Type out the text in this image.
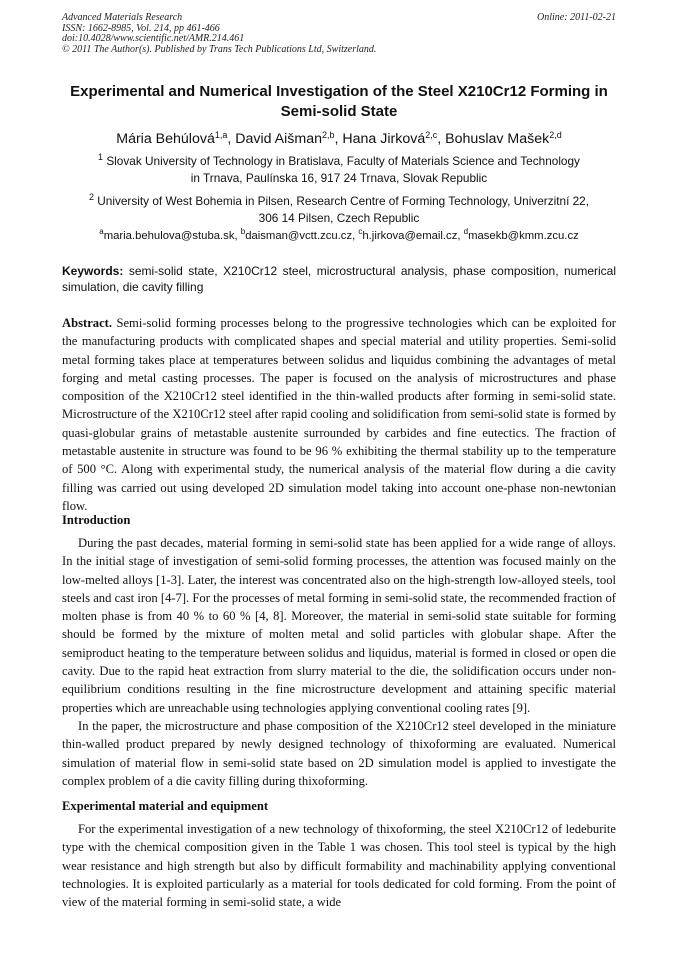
Advanced Materials Research
ISSN: 1662-8985, Vol. 214, pp 461-466
doi:10.4028/www.scientific.net/AMR.214.461
© 2011 The Author(s). Published by Trans Tech Publications Ltd, Switzerland.
Online: 2011-02-21
Experimental and Numerical Investigation of the Steel X210Cr12 Forming in Semi-solid State
Mária Behúlová$^{1,a}$, David Aišman$^{2,b}$, Hana Jirková$^{2,c}$, Bohuslav Mašek$^{2,d}$
$^1$ Slovak University of Technology in Bratislava, Faculty of Materials Science and Technology
in Trnava, Paulínska 16, 917 24 Trnava, Slovak Republic
$^2$ University of West Bohemia in Pilsen, Research Centre of Forming Technology, Univerzitní 22,
306 14 Pilsen, Czech Republic
$^a$maria.behulova@stuba.sk, $^b$daisman@vctt.zcu.cz, $^c$h.jirkova@email.cz, $^d$masekb@kmm.zcu.cz
Keywords: semi-solid state, X210Cr12 steel, microstructural analysis, phase composition, numerical simulation, die cavity filling

Abstract. Semi-solid forming processes belong to the progressive technologies which can be exploited for the manufacturing products with complicated shapes and special material and utility properties. Semi-solid metal forming takes place at temperatures between solidus and liquidus combining the advantages of metal forging and metal casting processes. The paper is focused on the analysis of microstructures and phase composition of the X210Cr12 steel identified in the thin-walled products after forming in semi-solid state. Microstructure of the X210Cr12 steel after rapid cooling and solidification from semi-solid state is formed by quasi-globular grains of metastable austenite surrounded by carbides and fine eutectics. The fraction of metastable austenite in structure was found to be 96 % exhibiting the thermal stability up to the temperature of 500 °C. Along with experimental study, the numerical analysis of the material flow during a die cavity filling was carried out using developed 2D simulation model taking into account one-phase non-newtonian flow.

Introduction

During the past decades, material forming in semi-solid state has been applied for a wide range of alloys. In the initial stage of investigation of semi-solid forming processes, the attention was focused mainly on the low-melted alloys [1-3]. Later, the interest was concentrated also on the high-strength low-alloyed steels, tool steels and cast iron [4-7]. For the processes of metal forming in semi-solid state, the recommended fraction of molten phase is from 40 % to 60 % [4, 8]. Moreover, the material in semi-solid state suitable for forming should be formed by the mixture of molten metal and solid particles with globular shape. After the semiproduct heating to the temperature between solidus and liquidus, material is formed in closed or open die cavity. Due to the rapid heat extraction from slurry material to the die, the solidification occurs under non-equilibrium conditions resulting in the fine microstructure development and attaining specific material properties which are unreachable using technologies applying conventional cooling rates [9].

In the paper, the microstructure and phase composition of the X210Cr12 steel developed in the miniature thin-walled product prepared by newly designed technology of thixoforming are evaluated. Numerical simulation of material flow in semi-solid state based on 2D simulation model is applied to investigate the complex problem of a die cavity filling during thixoforming.

Experimental material and equipment

For the experimental investigation of a new technology of thixoforming, the steel X210Cr12 of ledeburite type with the chemical composition given in the Table 1 was chosen. This tool steel is typical by the high wear resistance and high strength but also by difficult formability and machinability applying conventional technologies. It is exploited particularly as a material for tools dedicated for cold forming. From the point of view of the material forming in semi-solid state, a wide
